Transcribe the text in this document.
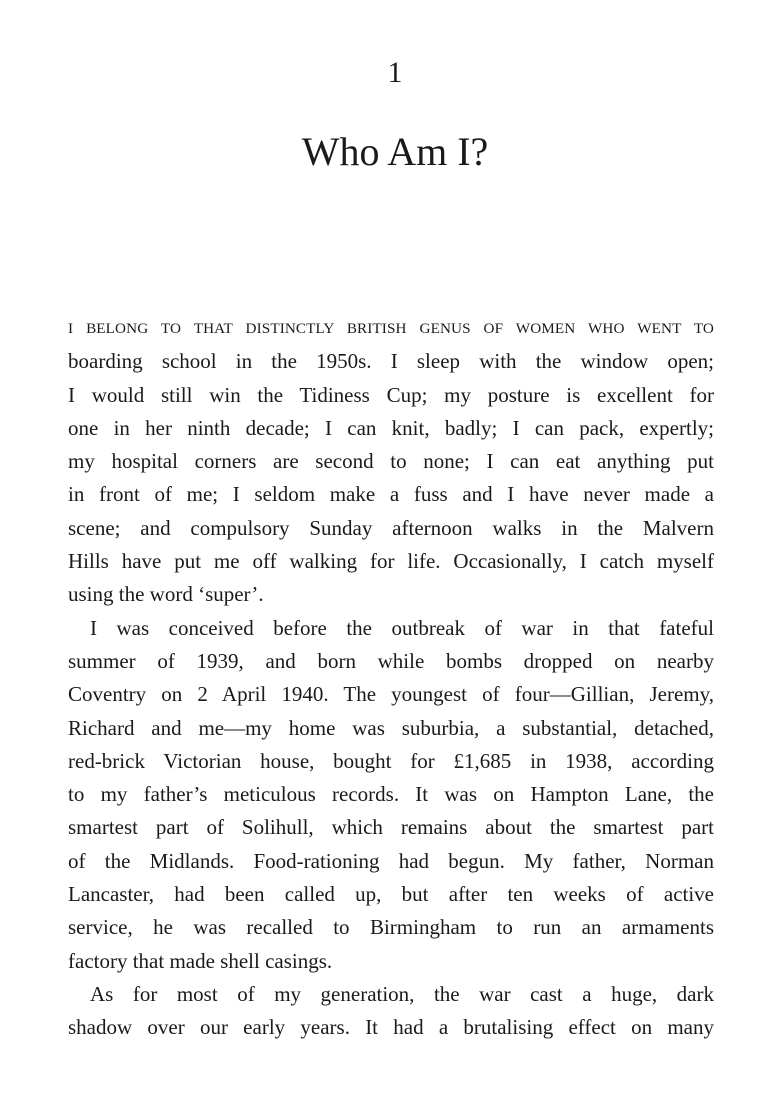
1
Who Am I?
I BELONG TO THAT DISTINCTLY BRITISH GENUS OF WOMEN WHO WENT TO
boarding school in the 1950s. I sleep with the window open;
I would still win the Tidiness Cup; my posture is excellent for
one in her ninth decade; I can knit, badly; I can pack, expertly;
my hospital corners are second to none; I can eat anything put
in front of me; I seldom make a fuss and I have never made a
scene; and compulsory Sunday afternoon walks in the Malvern
Hills have put me off walking for life. Occasionally, I catch myself
using the word ‘super’.
I was conceived before the outbreak of war in that fateful
summer of 1939, and born while bombs dropped on nearby
Coventry on 2 April 1940. The youngest of four—Gillian, Jeremy,
Richard and me—my home was suburbia, a substantial, detached,
red-brick Victorian house, bought for £1,685 in 1938, according
to my father’s meticulous records. It was on Hampton Lane, the
smartest part of Solihull, which remains about the smartest part
of the Midlands. Food-rationing had begun. My father, Norman
Lancaster, had been called up, but after ten weeks of active
service, he was recalled to Birmingham to run an armaments
factory that made shell casings.
As for most of my generation, the war cast a huge, dark
shadow over our early years. It had a brutalising effect on many
